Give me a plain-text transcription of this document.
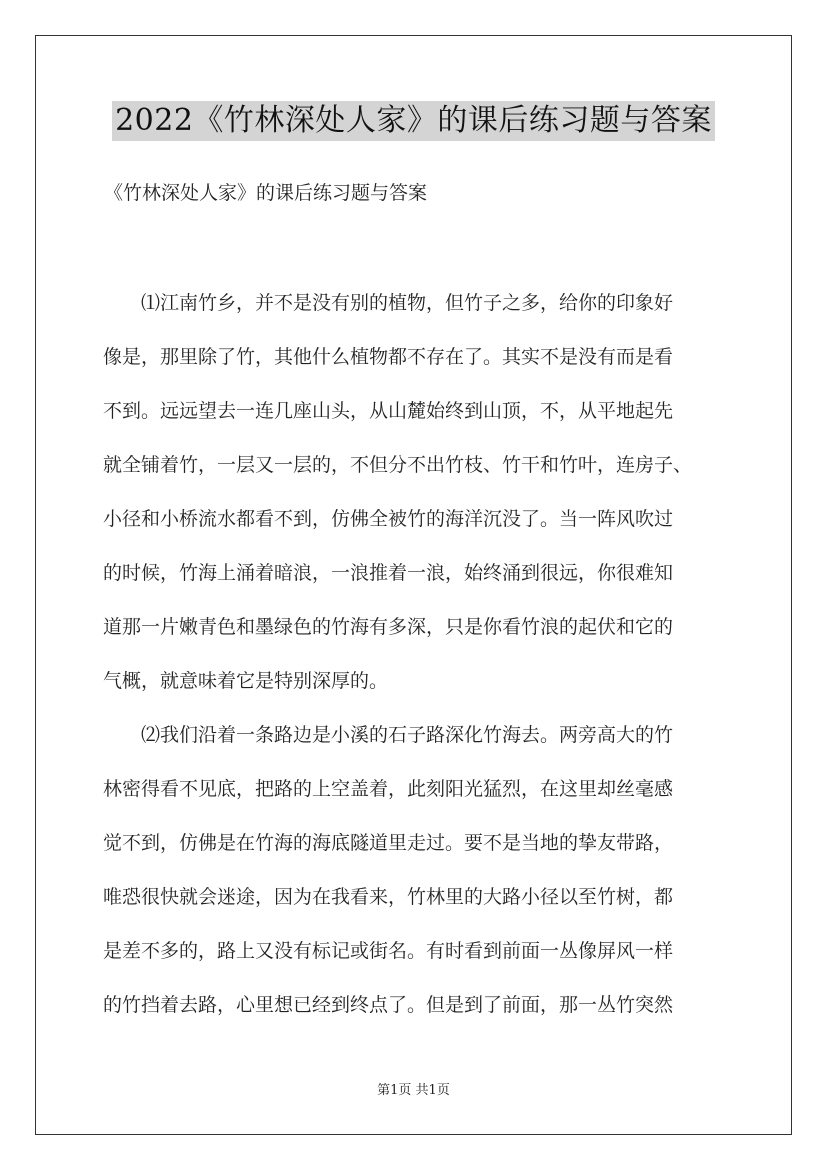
2022《竹林深处人家》的课后练习题与答案
《竹林深处人家》的课后练习题与答案
⑴江南竹乡，并不是没有别的植物，但竹子之多，给你的印象好
像是，那里除了竹，其他什么植物都不存在了。其实不是没有而是看
不到。远远望去一连几座山头，从山麓始终到山顶，不，从平地起先
就全铺着竹，一层又一层的，不但分不出竹枝、竹干和竹叶，连房子、
小径和小桥流水都看不到，仿佛全被竹的海洋沉没了。当一阵风吹过
的时候，竹海上涌着暗浪，一浪推着一浪，始终涌到很远，你很难知
道那一片嫩青色和墨绿色的竹海有多深，只是你看竹浪的起伏和它的
气概，就意味着它是特别深厚的。
⑵我们沿着一条路边是小溪的石子路深化竹海去。两旁高大的竹
林密得看不见底，把路的上空盖着，此刻阳光猛烈，在这里却丝毫感
觉不到，仿佛是在竹海的海底隧道里走过。要不是当地的挚友带路，
唯恐很快就会迷途，因为在我看来，竹林里的大路小径以至竹树，都
是差不多的，路上又没有标记或街名。有时看到前面一丛像屏风一样
的竹挡着去路，心里想已经到终点了。但是到了前面，那一丛竹突然
第1页 共1页
